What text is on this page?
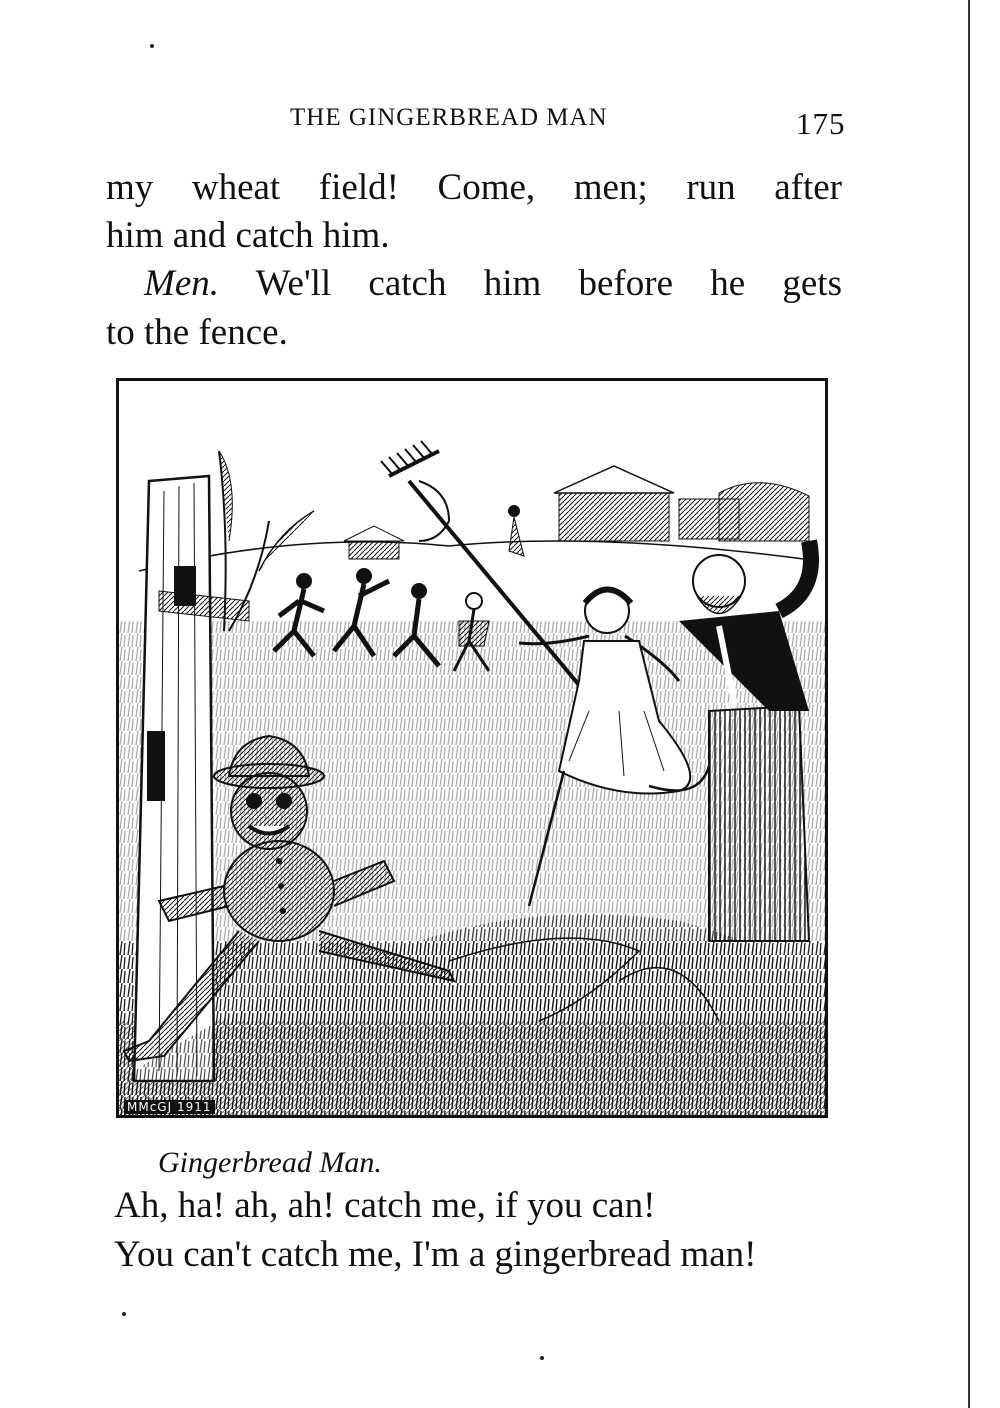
THE GINGERBREAD MAN	175
my wheat field! Come, men; run after
him and catch him.
Men. We'll catch him before he gets
to the fence.
MMcGJ 1911
Gingerbread Man.
Ah, ha! ah, ah! catch me, if you can!
You can't catch me, I'm a gingerbread man!
